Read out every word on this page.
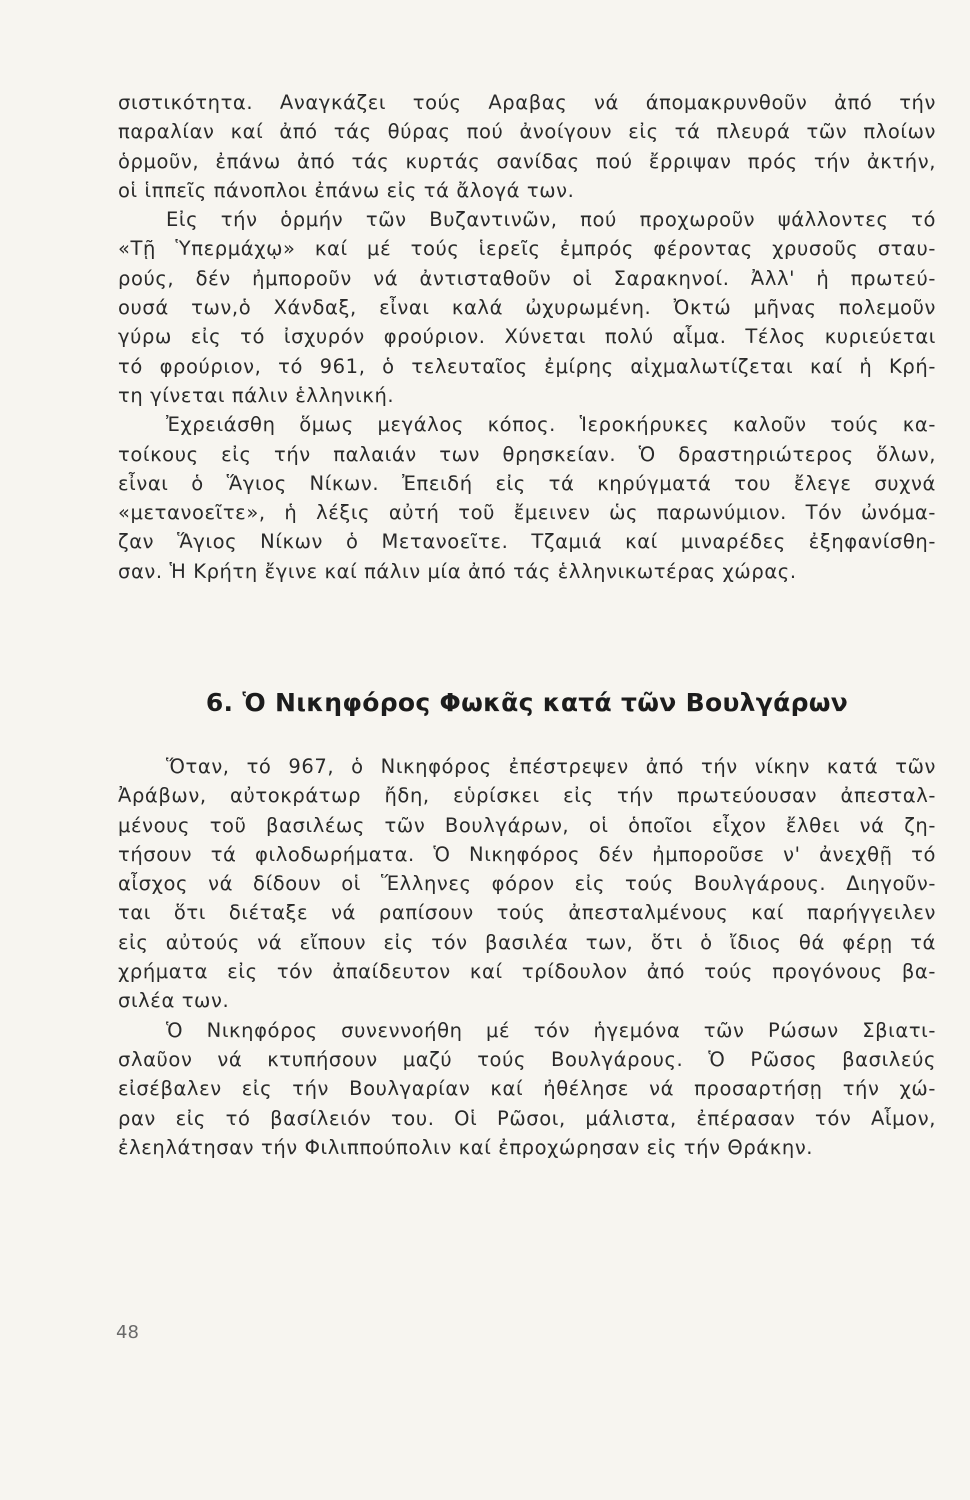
σιστικότητα. Αναγκάζει τούς Αραβας νά άπομακρυνθοῦν ἀπό τήν
παραλίαν καί ἀπό τάς θύρας πού ἀνοίγουν εἰς τά πλευρά τῶν πλοίων
ὁρμοῦν, ἐπάνω ἀπό τάς κυρτάς σανίδας πού ἔρριψαν πρός τήν ἀκτήν,
οἱ ἱππεῖς πάνοπλοι ἐπάνω εἰς τά ἄλογά των.
Εἰς τήν ὁρμήν τῶν Βυζαντινῶν, πού προχωροῦν ψάλλοντες τό
«Τῇ Ὑπερμάχῳ» καί μέ τούς ἱερεῖς ἐμπρός φέροντας χρυσοῦς σταυ-
ρούς, δέν ἠμποροῦν νά ἀντισταθοῦν οἱ Σαρακηνοί. Ἀλλ' ἡ πρωτεύ-
ουσά των,ὁ Χάνδαξ, εἶναι καλά ὠχυρωμένη. Ὀκτώ μῆνας πολεμοῦν
γύρω εἰς τό ἰσχυρόν φρούριον. Χύνεται πολύ αἷμα. Τέλος κυριεύεται
τό φρούριον, τό 961, ὁ τελευταῖος ἐμίρης αἰχμαλωτίζεται καί ἡ Κρή-
τη γίνεται πάλιν ἑλληνική.
Ἐχρειάσθη ὅμως μεγάλος κόπος. Ἱεροκήρυκες καλοῦν τούς κα-
τοίκους εἰς τήν παλαιάν των θρησκείαν. Ὁ δραστηριώτερος ὅλων,
εἶναι ὁ Ἅγιος Νίκων. Ἐπειδή εἰς τά κηρύγματά του ἔλεγε συχνά
«μετανοεῖτε», ἡ λέξις αὐτή τοῦ ἔμεινεν ὡς παρωνύμιον. Τόν ὠνόμα-
ζαν Ἅγιος Νίκων ὁ Μετανοεῖτε. Τζαμιά καί μιναρέδες ἐξηφανίσθη-
σαν. Ἡ Κρήτη ἔγινε καί πάλιν μία ἀπό τάς ἑλληνικωτέρας χώρας.
6. Ὁ Νικηφόρος Φωκᾶς κατά τῶν Βουλγάρων
Ὅταν, τό 967, ὁ Νικηφόρος ἐπέστρεψεν ἀπό τήν νίκην κατά τῶν
Ἀράβων, αὐτοκράτωρ ἤδη, εὑρίσκει εἰς τήν πρωτεύουσαν ἀπεσταλ-
μένους τοῦ βασιλέως τῶν Βουλγάρων, οἱ ὁποῖοι εἶχον ἔλθει νά ζη-
τήσουν τά φιλοδωρήματα. Ὁ Νικηφόρος δέν ἠμποροῦσε ν' ἀνεχθῇ τό
αἶσχος νά δίδουν οἱ Ἕλληνες φόρον εἰς τούς Βουλγάρους. Διηγοῦν-
ται ὅτι διέταξε νά ραπίσουν τούς ἀπεσταλμένους καί παρήγγειλεν
εἰς αὐτούς νά εἴπουν εἰς τόν βασιλέα των, ὅτι ὁ ἴδιος θά φέρῃ τά
χρήματα εἰς τόν ἀπαίδευτον καί τρίδουλον ἀπό τούς προγόνους βα-
σιλέα των.
Ὁ Νικηφόρος συνεννοήθη μέ τόν ἡγεμόνα τῶν Ρώσων Σβιατι-
σλαῦον νά κτυπήσουν μαζύ τούς Βουλγάρους. Ὁ Ρῶσος βασιλεύς
εἰσέβαλεν εἰς τήν Βουλγαρίαν καί ἠθέλησε νά προσαρτήσῃ τήν χώ-
ραν εἰς τό βασίλειόν του. Οἱ Ρῶσοι, μάλιστα, ἐπέρασαν τόν Αἷμον,
ἐλεηλάτησαν τήν Φιλιππούπολιν καί ἐπροχώρησαν εἰς τήν Θράκην.
48
